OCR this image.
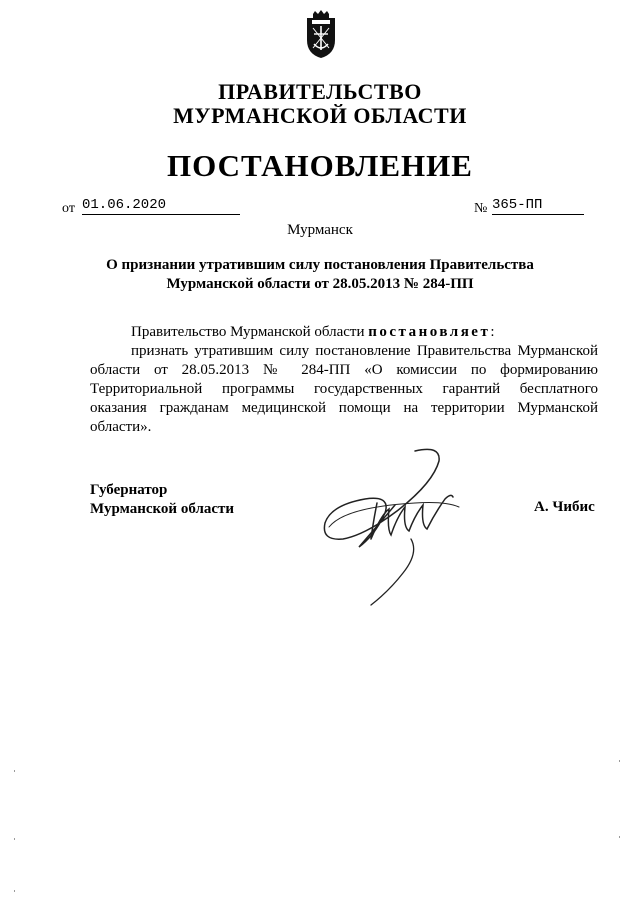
ПРАВИТЕЛЬСТВО
МУРМАНСКОЙ ОБЛАСТИ
ПОСТАНОВЛЕНИЕ
от 01.06.2020	№ 365-ПП
Мурманск
О признании утратившим силу постановления Правительства
Мурманской области от 28.05.2013 № 284-ПП
Правительство Мурманской области постановляет:
признать утратившим силу постановление Правительства Мурманской
области от 28.05.2013 № 284-ПП «О комиссии по формированию
Территориальной программы государственных гарантий бесплатного
оказания гражданам медицинской помощи на территории Мурманской
области».
Губернатор
Мурманской области	А. Чибис
